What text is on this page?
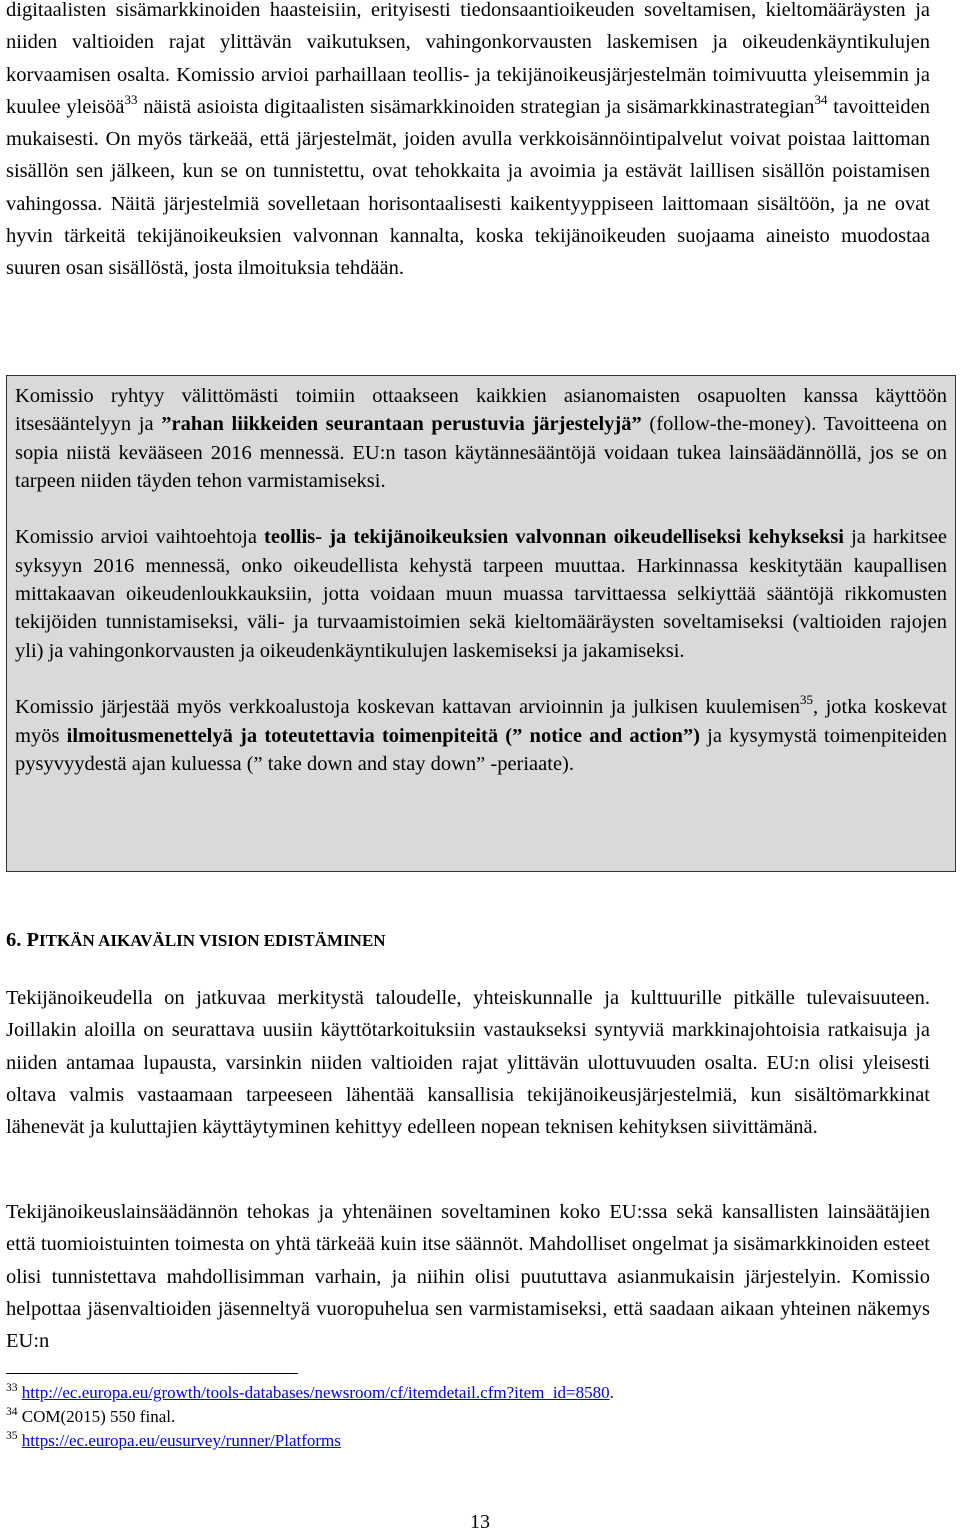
digitaalisten sisämarkkinoiden haasteisiin, erityisesti tiedonsaantioikeuden soveltamisen, kieltomääräysten ja niiden valtioiden rajat ylittävän vaikutuksen, vahingonkorvausten laskemisen ja oikeudenkäyntikulujen korvaamisen osalta. Komissio arvioi parhaillaan teollis- ja tekijänoikeusjärjestelmän toimivuutta yleisemmin ja kuulee yleisöä$^{33}$ näistä asioista digitaalisten sisämarkkinoiden strategian ja sisämarkkinastrategian$^{34}$ tavoitteiden mukaisesti. On myös tärkeää, että järjestelmät, joiden avulla verkkoisännöintipalvelut voivat poistaa laittoman sisällön sen jälkeen, kun se on tunnistettu, ovat tehokkaita ja avoimia ja estävät laillisen sisällön poistamisen vahingossa. Näitä järjestelmiä sovelletaan horisontaalisesti kaikentyyppiseen laittomaan sisältöön, ja ne ovat hyvin tärkeitä tekijänoikeuksien valvonnan kannalta, koska tekijänoikeuden suojaama aineisto muodostaa suuren osan sisällöstä, josta ilmoituksia tehdään.

Komissio ryhtyy välittömästi toimiin ottaakseen kaikkien asianomaisten osapuolten kanssa käyttöön itsesääntelyyn ja ”rahan liikkeiden seurantaan perustuvia järjestelyjä” (follow-the-money). Tavoitteena on sopia niistä kevääseen 2016 mennessä. EU:n tason käytännesääntöjä voidaan tukea lainsäädännöllä, jos se on tarpeen niiden täyden tehon varmistamiseksi.

Komissio arvioi vaihtoehtoja teollis- ja tekijänoikeuksien valvonnan oikeudelliseksi kehykseksi ja harkitsee syksyyn 2016 mennessä, onko oikeudellista kehystä tarpeen muuttaa. Harkinnassa keskitytään kaupallisen mittakaavan oikeudenloukkauksiin, jotta voidaan muun muassa tarvittaessa selkiyttää sääntöjä rikkomusten tekijöiden tunnistamiseksi, väli- ja turvaamistoimien sekä kieltomääräysten soveltamiseksi (valtioiden rajojen yli) ja vahingonkorvausten ja oikeudenkäyntikulujen laskemiseksi ja jakamiseksi.

Komissio järjestää myös verkkoalustoja koskevan kattavan arvioinnin ja julkisen kuulemisen$^{35}$, jotka koskevat myös ilmoitusmenettelyä ja toteutettavia toimenpiteitä (” notice and action”) ja kysymystä toimenpiteiden pysyvyydestä ajan kuluessa (” take down and stay down” -periaate).

6. PITKÄN AIKAVÄLIN VISION EDISTÄMINEN

Tekijänoikeudella on jatkuvaa merkitystä taloudelle, yhteiskunnalle ja kulttuurille pitkälle tulevaisuuteen. Joillakin aloilla on seurattava uusiin käyttötarkoituksiin vastaukseksi syntyviä markkinajohtoisia ratkaisuja ja niiden antamaa lupausta, varsinkin niiden valtioiden rajat ylittävän ulottuvuuden osalta. EU:n olisi yleisesti oltava valmis vastaamaan tarpeeseen lähentää kansallisia tekijänoikeusjärjestelmiä, kun sisältömarkkinat lähenevät ja kuluttajien käyttäytyminen kehittyy edelleen nopean teknisen kehityksen siivittämänä.

Tekijänoikeuslainsäädännön tehokas ja yhtenäinen soveltaminen koko EU:ssa sekä kansallisten lainsäätäjien että tuomioistuinten toimesta on yhtä tärkeää kuin itse säännöt. Mahdolliset ongelmat ja sisämarkkinoiden esteet olisi tunnistettava mahdollisimman varhain, ja niihin olisi puututtava asianmukaisin järjestelyin. Komissio helpottaa jäsenvaltioiden jäsenneltyä vuoropuhelua sen varmistamiseksi, että saadaan aikaan yhteinen näkemys EU:n

$^{33}$ http://ec.europa.eu/growth/tools-databases/newsroom/cf/itemdetail.cfm?item_id=8580.
$^{34}$ COM(2015) 550 final.
$^{35}$ https://ec.europa.eu/eusurvey/runner/Platforms
13
